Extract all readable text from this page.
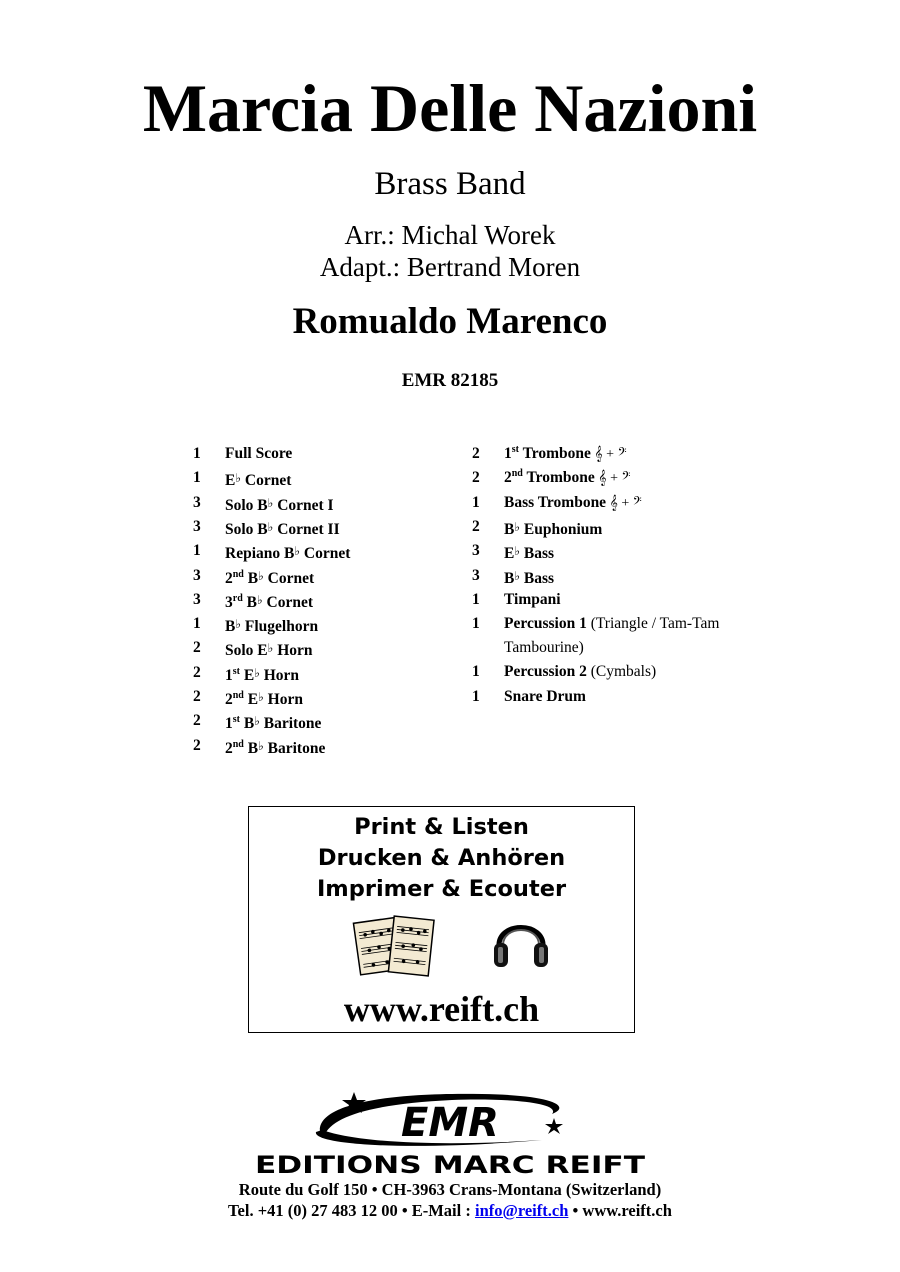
Marcia Delle Nazioni
Brass Band
Arr.: Michal Worek
Adapt.: Bertrand Moren
Romualdo Marenco
EMR 82185
1	Full Score
1	E♭ Cornet
3	Solo B♭ Cornet I
3	Solo B♭ Cornet II
1	Repiano B♭ Cornet
3	2nd B♭ Cornet
3	3rd B♭ Cornet
1	B♭ Flugelhorn
2	Solo E♭ Horn
2	1st E♭ Horn
2	2nd E♭ Horn
2	1st B♭ Baritone
2	2nd B♭ Baritone
2	1st Trombone 𝄞 + 𝄢
2	2nd Trombone 𝄞 + 𝄢
1	Bass Trombone 𝄞 + 𝄢
2	B♭ Euphonium
3	E♭ Bass
3	B♭ Bass
1	Timpani
1	Percussion 1 (Triangle / Tam-Tam
Tambourine)
1	Percussion 2 (Cymbals)
1	Snare Drum
Print & Listen
Drucken & Anhören
Imprimer & Ecouter
www.reift.ch
EMR
EDITIONS MARC REIFT
Route du Golf 150 • CH-3963 Crans-Montana (Switzerland)
Tel. +41 (0) 27 483 12 00 • E-Mail : info@reift.ch • www.reift.ch
